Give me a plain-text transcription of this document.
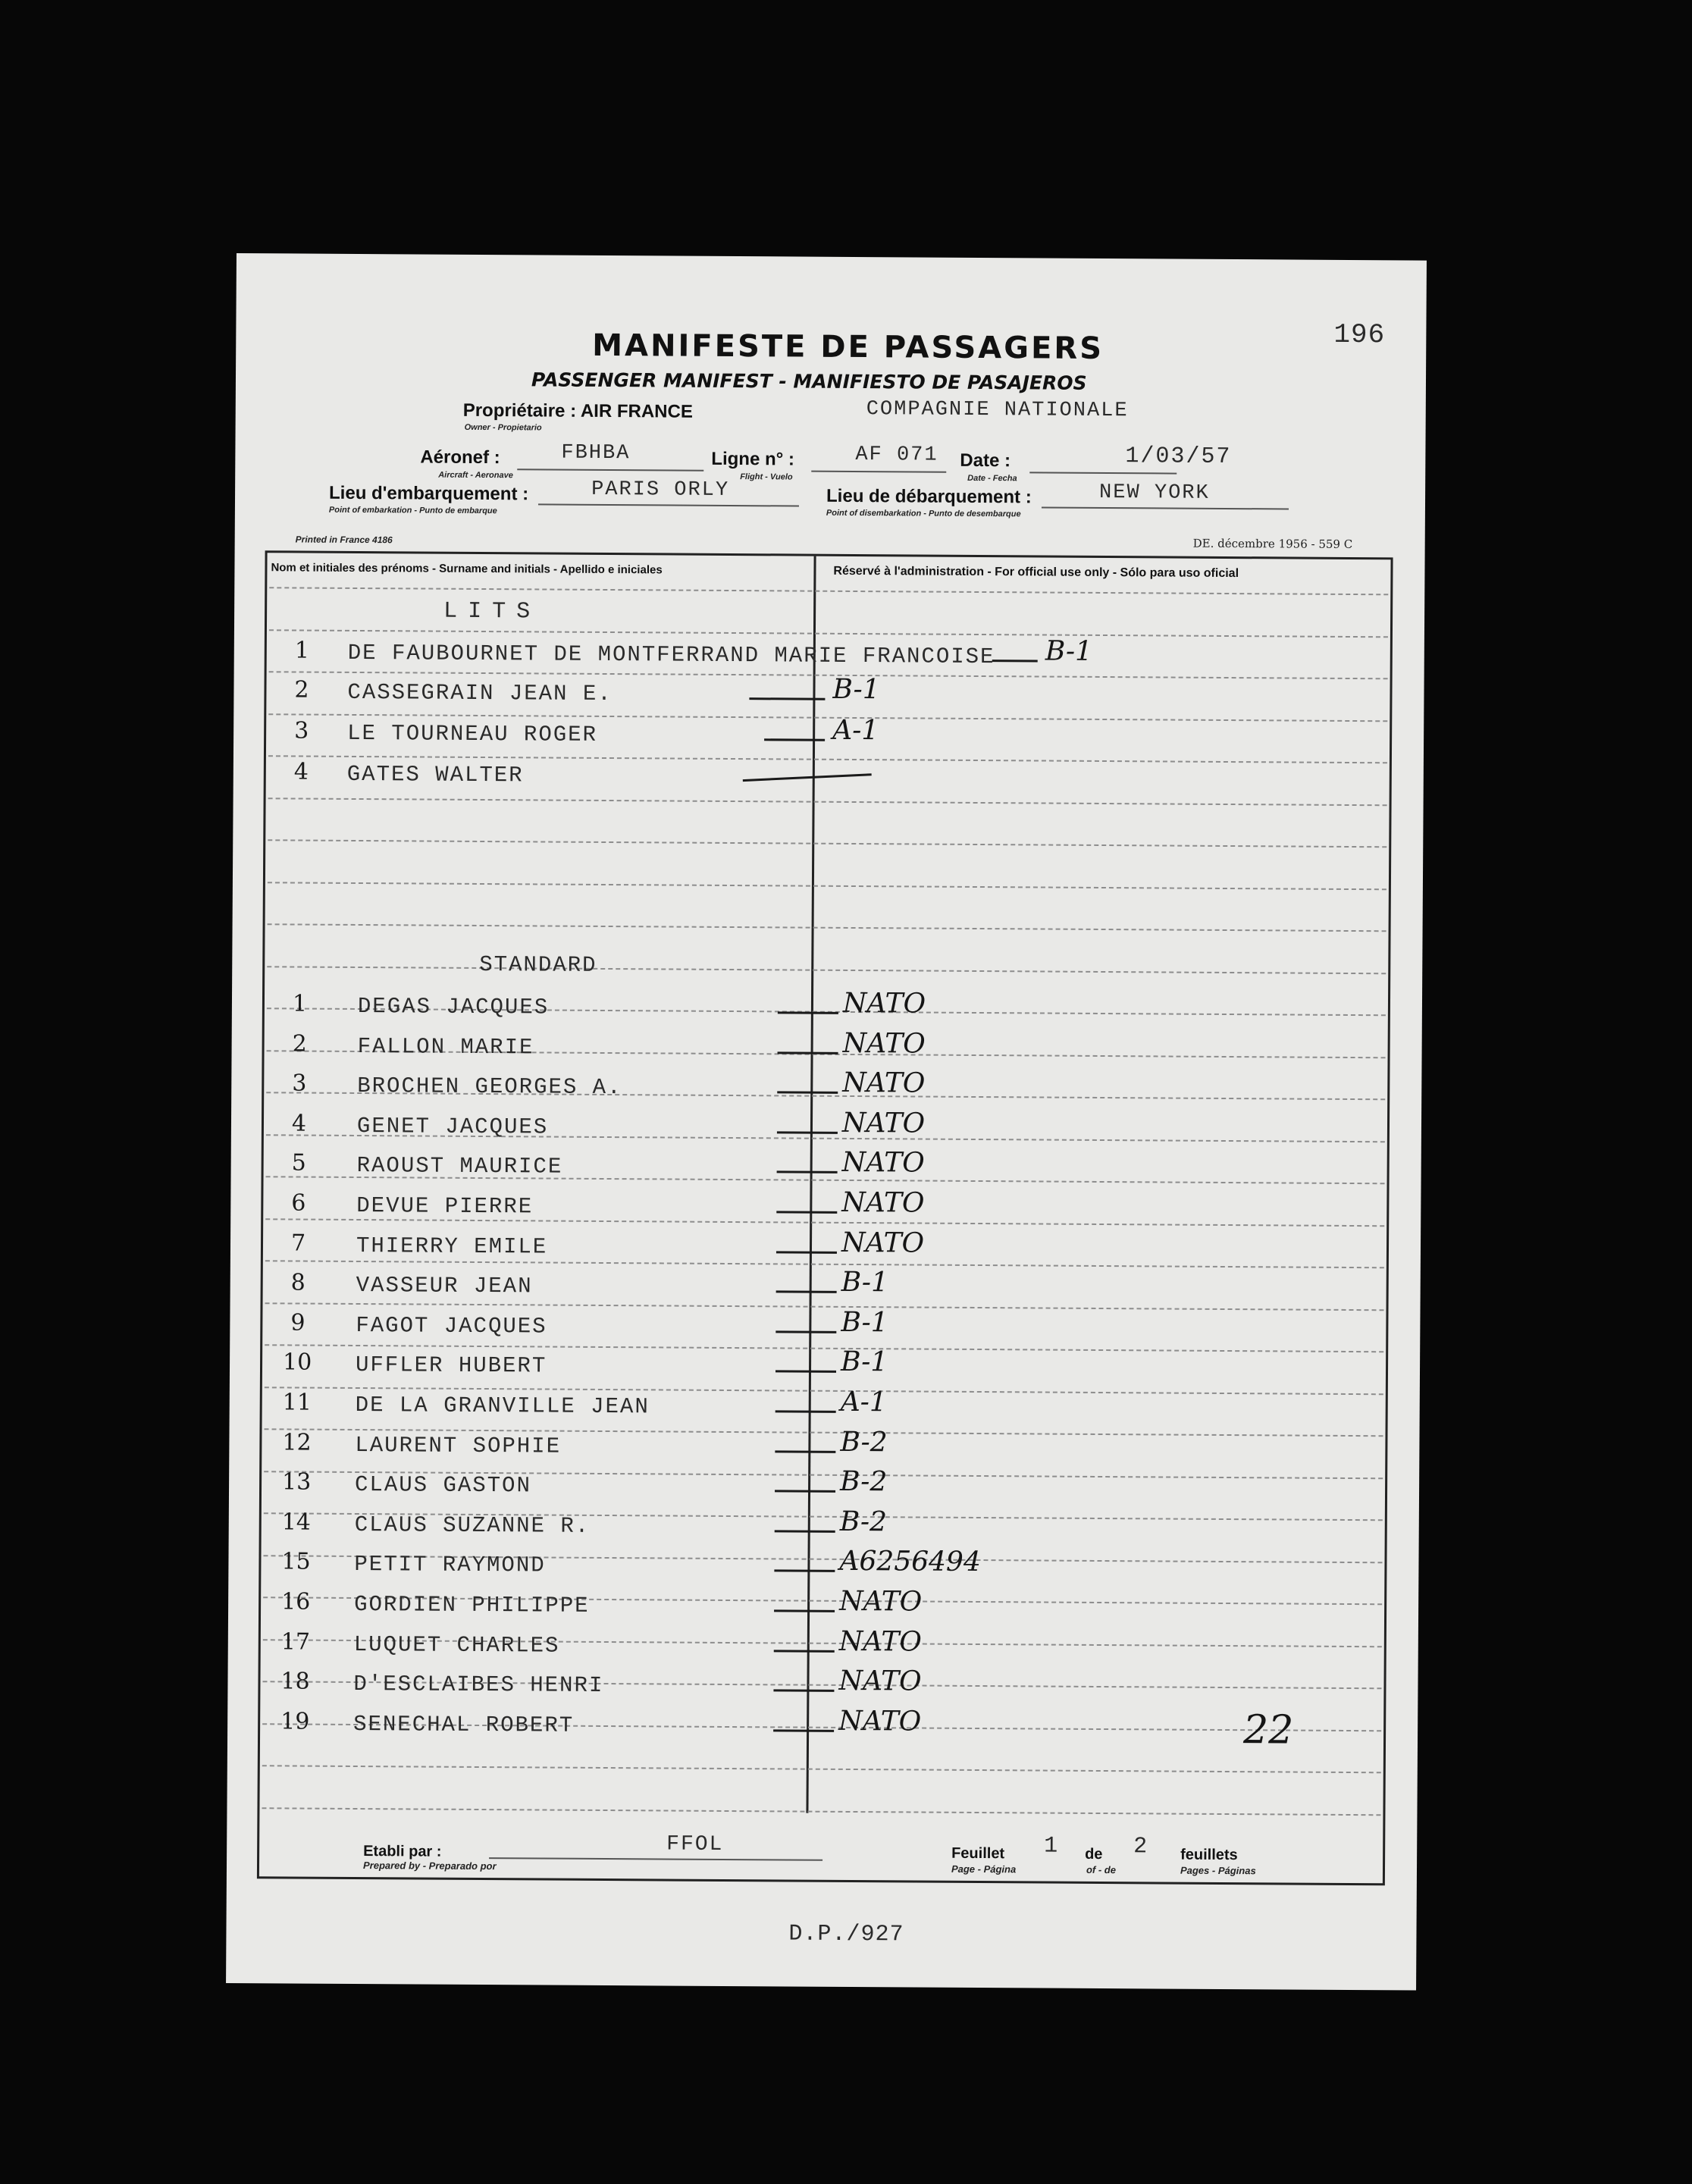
196
MANIFESTE DE PASSAGERS
PASSENGER MANIFEST - MANIFIESTO DE PASAJEROS
Propriétaire : AIR FRANCE
Owner - Propietario
COMPAGNIE NATIONALE
Aéronef :
Aircraft - Aeronave
FBHBA	Ligne n° :
Flight - Vuelo
AF 071 Date :
Date - Fecha
1/03/57
Lieu d'embarquement :
Point of embarkation - Punto de embarque
PARIS ORLY	Lieu de débarquement :
Point of disembarkation - Punto de desembarque
NEW YORK
Printed in France 4186	DE. décembre 1956 - 559 C
Nom et initiales des prénoms - Surname and initials - Apellido e iniciales	Réservé à l'administration - For official use only - Sólo para uso oficial
LITS
STANDARD
1 DE FAUBOURNET DE MONTFERRAND MARIE FRANCOISE B-1
2 CASSEGRAIN JEAN E.	B-1
3 LE TOURNEAU ROGER	A-1
4 GATES WALTER
1 DEGAS JACQUES	NATO
2 FALLON MARIE	NATO
3 BROCHEN GEORGES A.	NATO
4 GENET JACQUES	NATO
5 RAOUST MAURICE	NATO
6 DEVUE PIERRE	NATO
7 THIERRY EMILE	NATO
8 VASSEUR JEAN	B-1
9 FAGOT JACQUES	B-1
10 UFFLER HUBERT	B-1
11 DE LA GRANVILLE JEAN	A-1
12 LAURENT SOPHIE	B-2
13 CLAUS GASTON	B-2
14 CLAUS SUZANNE R.	B-2
15 PETIT RAYMOND	A6256494
16 GORDIEN PHILIPPE	NATO
17 LUQUET CHARLES	NATO
18 D'ESCLAIBES HENRI	NATO
19 SENECHAL ROBERT	NATO	22
Etabli par :
Prepared by - Preparado por
FFOL	Feuillet
Page - Página
1 de
of - de
2 feuillets
Pages - Páginas
D.P./927
